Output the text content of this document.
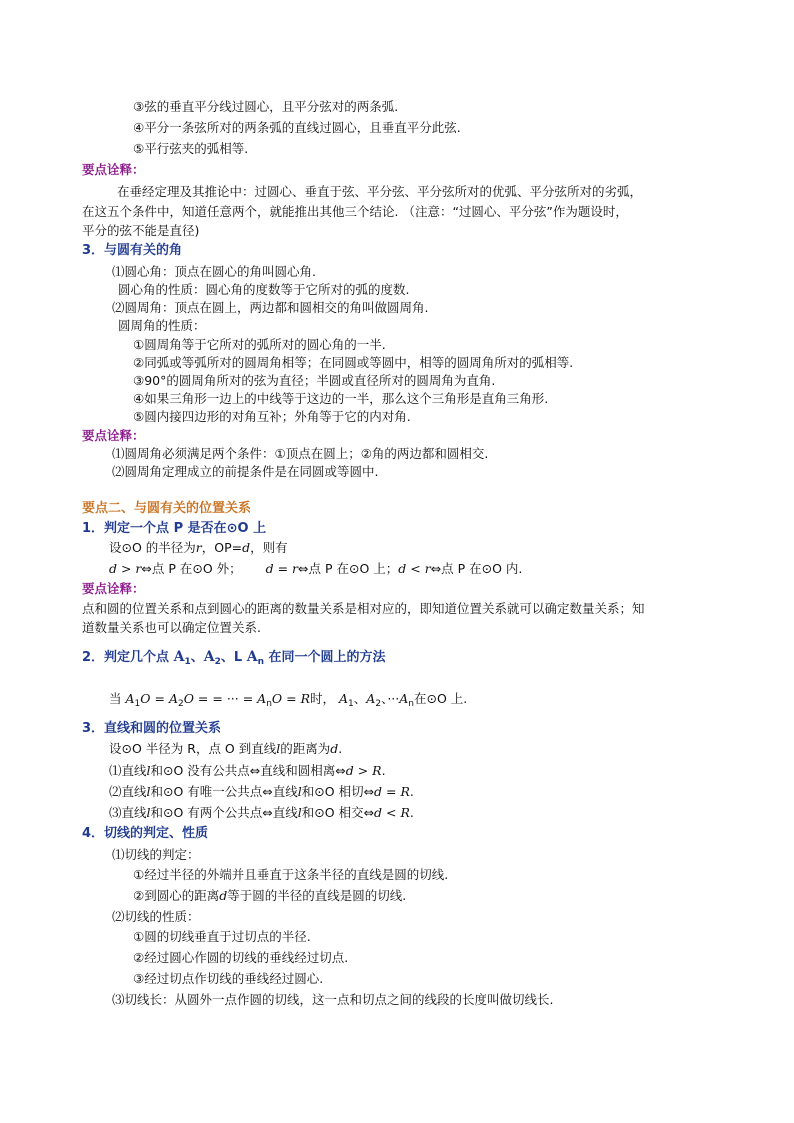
③弦的垂直平分线过圆心，且平分弦对的两条弧.
④平分一条弦所对的两条弧的直线过圆心，且垂直平分此弦.
⑤平行弦夹的弧相等.
要点诠释：
在垂经定理及其推论中：过圆心、垂直于弦、平分弦、平分弦所对的优弧、平分弦所对的劣弧，
在这五个条件中，知道任意两个，就能推出其他三个结论. （注意：“过圆心、平分弦”作为题设时，
平分的弦不能是直径)
3．与圆有关的角
⑴圆心角：顶点在圆心的角叫圆心角.
圆心角的性质：圆心角的度数等于它所对的弧的度数.
⑵圆周角：顶点在圆上，两边都和圆相交的角叫做圆周角.
圆周角的性质：
①圆周角等于它所对的弧所对的圆心角的一半.
②同弧或等弧所对的圆周角相等；在同圆或等圆中，相等的圆周角所对的弧相等.
③90°的圆周角所对的弦为直径；半圆或直径所对的圆周角为直角.
④如果三角形一边上的中线等于这边的一半，那么这个三角形是直角三角形.
⑤圆内接四边形的对角互补；外角等于它的内对角.
要点诠释：
⑴圆周角必须满足两个条件：①顶点在圆上；②角的两边都和圆相交.
⑵圆周角定理成立的前提条件是在同圆或等圆中.
要点二、与圆有关的位置关系
1．判定一个点 P 是否在⊙O 上
设⊙O 的半径为r，OP=d，则有
d > r⇔点 P 在⊙O 外； d = r⇔点 P 在⊙O 上；d < r⇔点 P 在⊙O 内.
要点诠释：
点和圆的位置关系和点到圆心的距离的数量关系是相对应的，即知道位置关系就可以确定数量关系；知
道数量关系也可以确定位置关系.
2．判定几个点 $A_1$、$A_2$、L $A_n$ 在同一个圆上的方法
当 $A_1O = A_2O$ = = ··· = $A_nO = R$时， $A_1$、$A_2$、$\cdot\cdot\cdot A_n$在⊙O 上.
3．直线和圆的位置关系
设⊙O 半径为 R，点 O 到直线l的距离为d.
⑴直线l和⊙O 没有公共点⇔直线和圆相离⇔d > R.
⑵直线l和⊙O 有唯一公共点⇔直线l和⊙O 相切⇔d = R.
⑶直线l和⊙O 有两个公共点⇔直线l和⊙O 相交⇔d < R.
4．切线的判定、性质
⑴切线的判定：
①经过半径的外端并且垂直于这条半径的直线是圆的切线.
②到圆心的距离d等于圆的半径的直线是圆的切线.
⑵切线的性质：
①圆的切线垂直于过切点的半径.
②经过圆心作圆的切线的垂线经过切点.
③经过切点作切线的垂线经过圆心.
⑶切线长：从圆外一点作圆的切线，这一点和切点之间的线段的长度叫做切线长.
